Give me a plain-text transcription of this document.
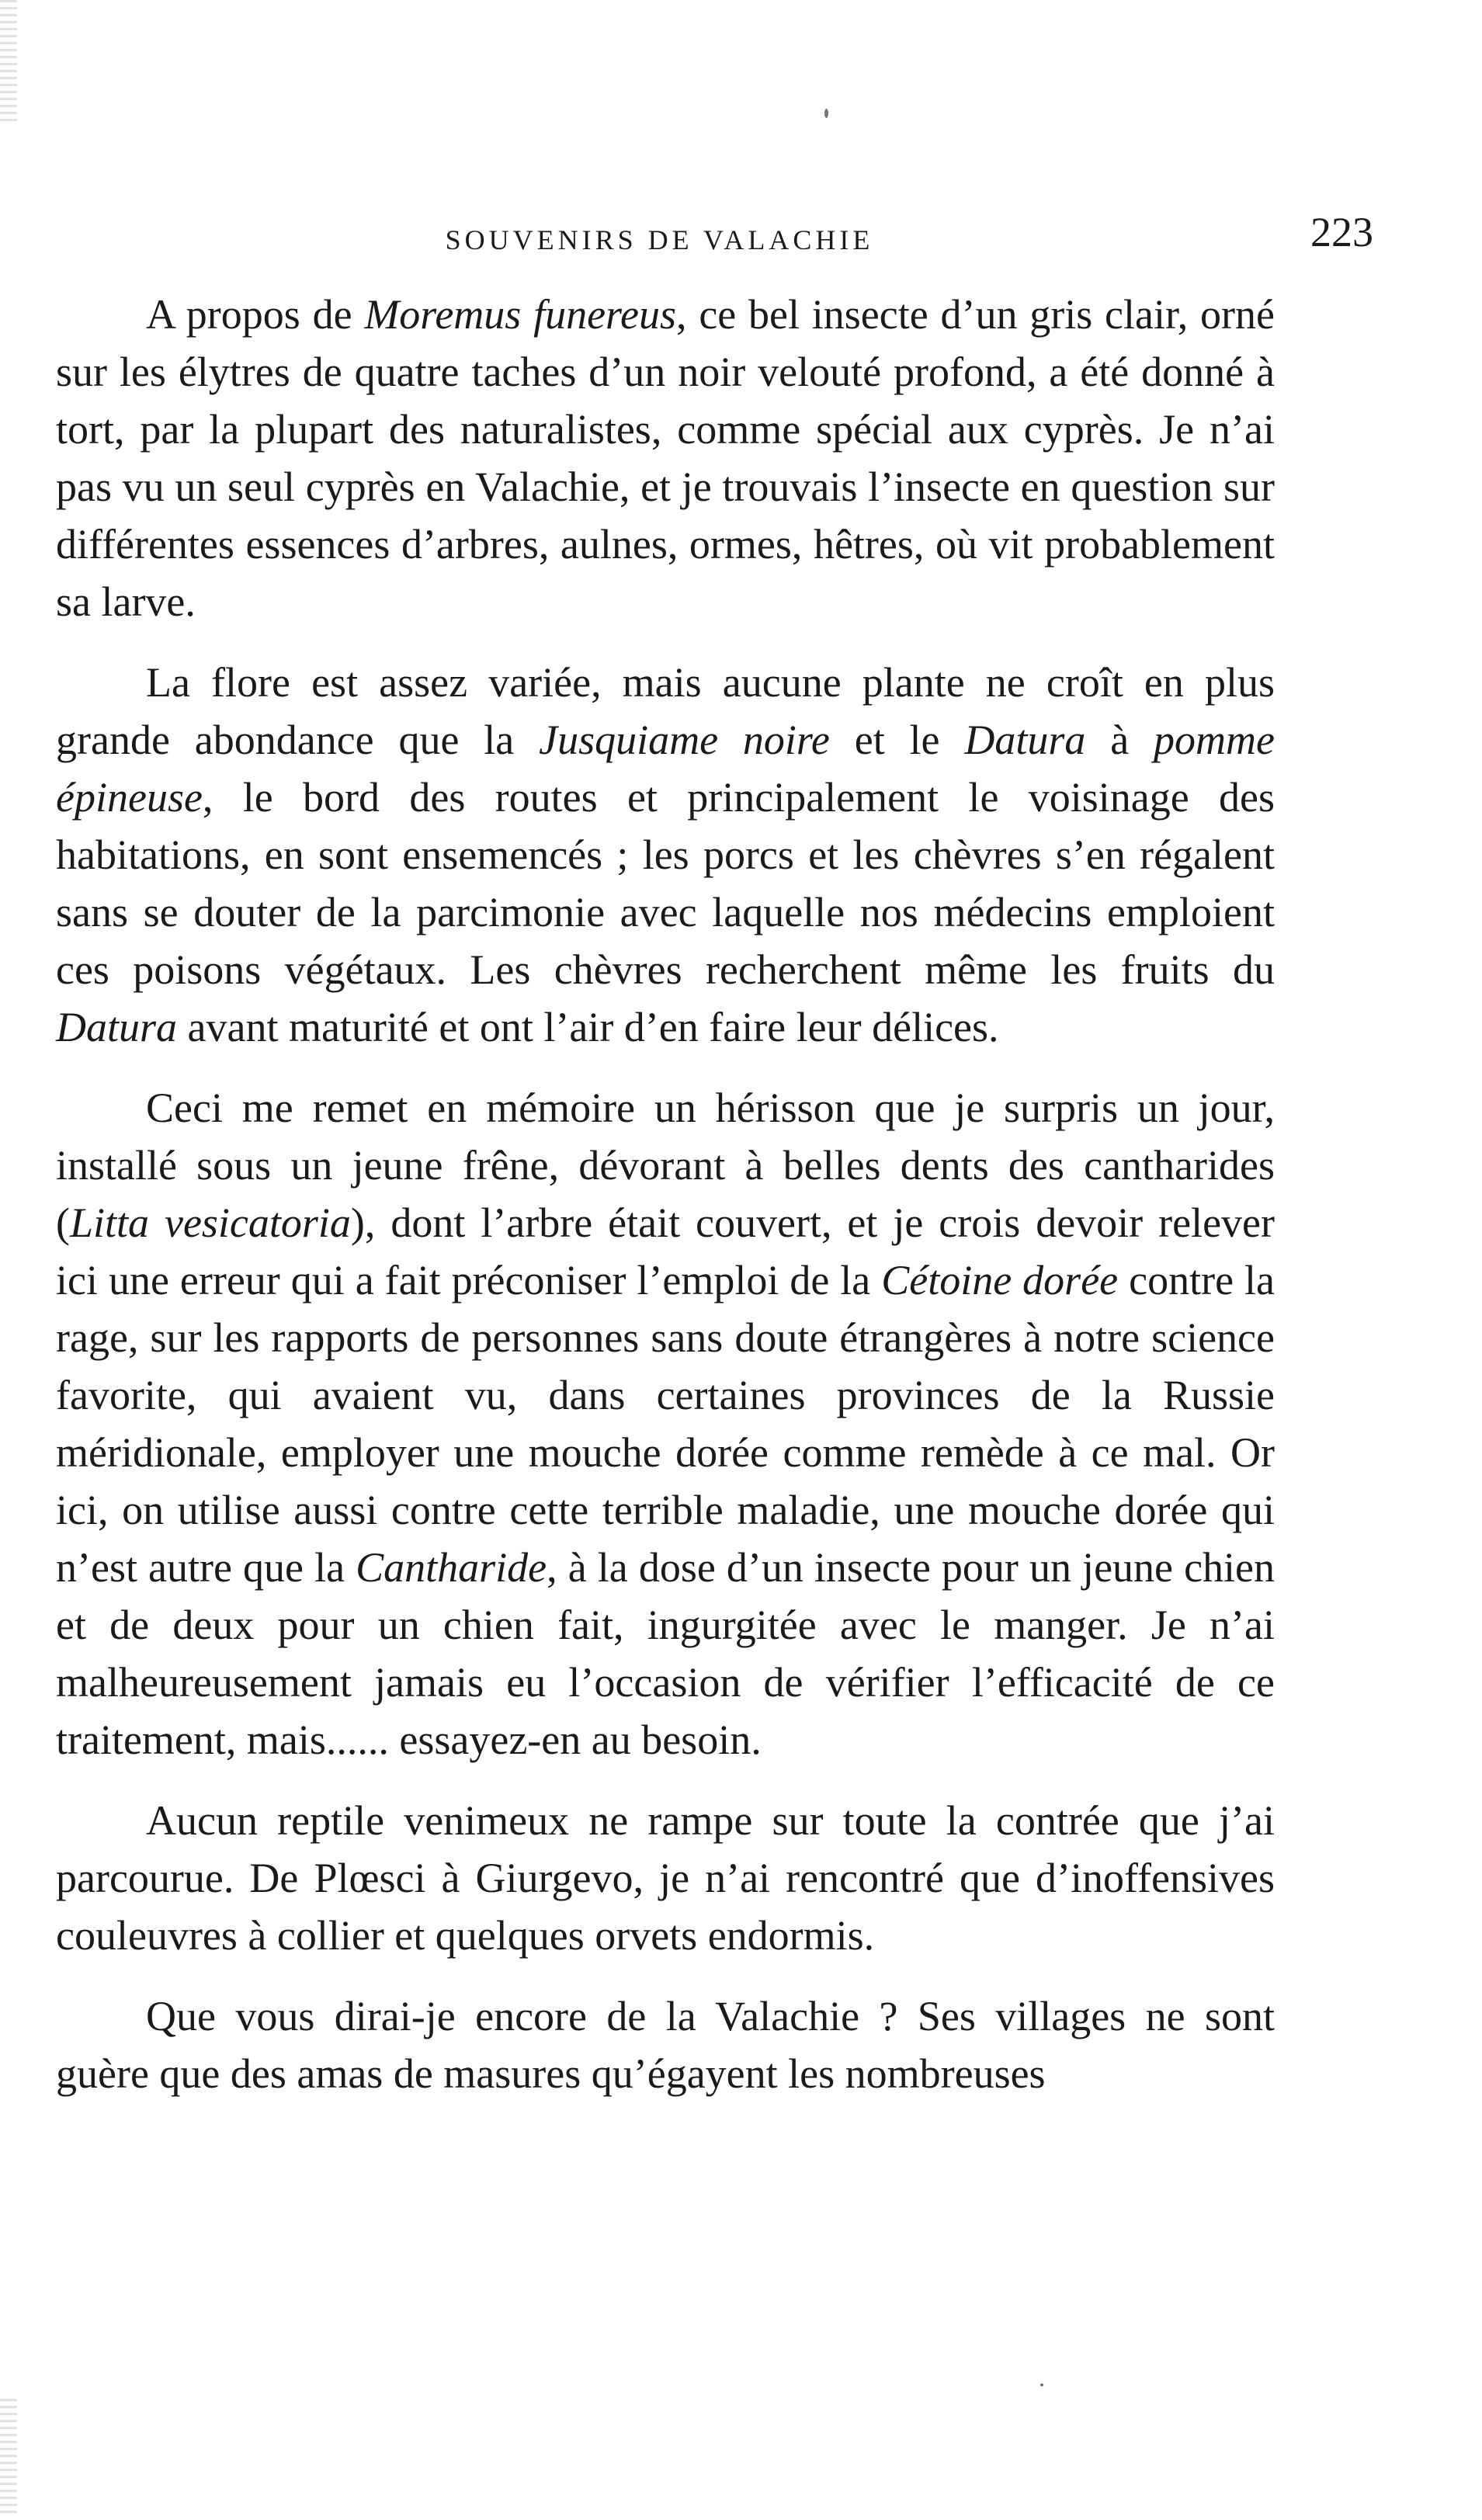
SOUVENIRS DE VALACHIE	223

A propos de Moremus funereus, ce bel insecte d’un gris clair, orné sur les élytres de quatre taches d’un noir velouté profond, a été donné à tort, par la plupart des naturalistes, comme spécial aux cyprès. Je n’ai pas vu un seul cyprès en Valachie, et je trouvais l’insecte en question sur différentes essences d’arbres, aulnes, ormes, hêtres, où vit probablement sa larve.

La flore est assez variée, mais aucune plante ne croît en plus grande abondance que la Jusquiame noire et le Datura à pomme épineuse, le bord des routes et principalement le voisinage des habitations, en sont ensemencés ; les porcs et les chèvres s’en régalent sans se douter de la parcimonie avec laquelle nos médecins emploient ces poisons végétaux. Les chèvres recherchent même les fruits du Datura avant maturité et ont l’air d’en faire leur délices.

Ceci me remet en mémoire un hérisson que je surpris un jour, installé sous un jeune frêne, dévorant à belles dents des cantharides (Litta vesicatoria), dont l’arbre était couvert, et je crois devoir relever ici une erreur qui a fait préconiser l’emploi de la Cétoine dorée contre la rage, sur les rapports de personnes sans doute étrangères à notre science favorite, qui avaient vu, dans certaines provinces de la Russie méridionale, employer une mouche dorée comme remède à ce mal. Or ici, on utilise aussi contre cette terrible maladie, une mouche dorée qui n’est autre que la Cantharide, à la dose d’un insecte pour un jeune chien et de deux pour un chien fait, ingurgitée avec le manger. Je n’ai malheureusement jamais eu l’occasion de vérifier l’efficacité de ce traitement, mais...... essayez-en au besoin.

Aucun reptile venimeux ne rampe sur toute la contrée que j’ai parcourue. De Plœsci à Giurgevo, je n’ai rencontré que d’inoffensives couleuvres à collier et quelques orvets endormis.

Que vous dirai-je encore de la Valachie ? Ses villages ne sont guère que des amas de masures qu’égayent les nombreuses
